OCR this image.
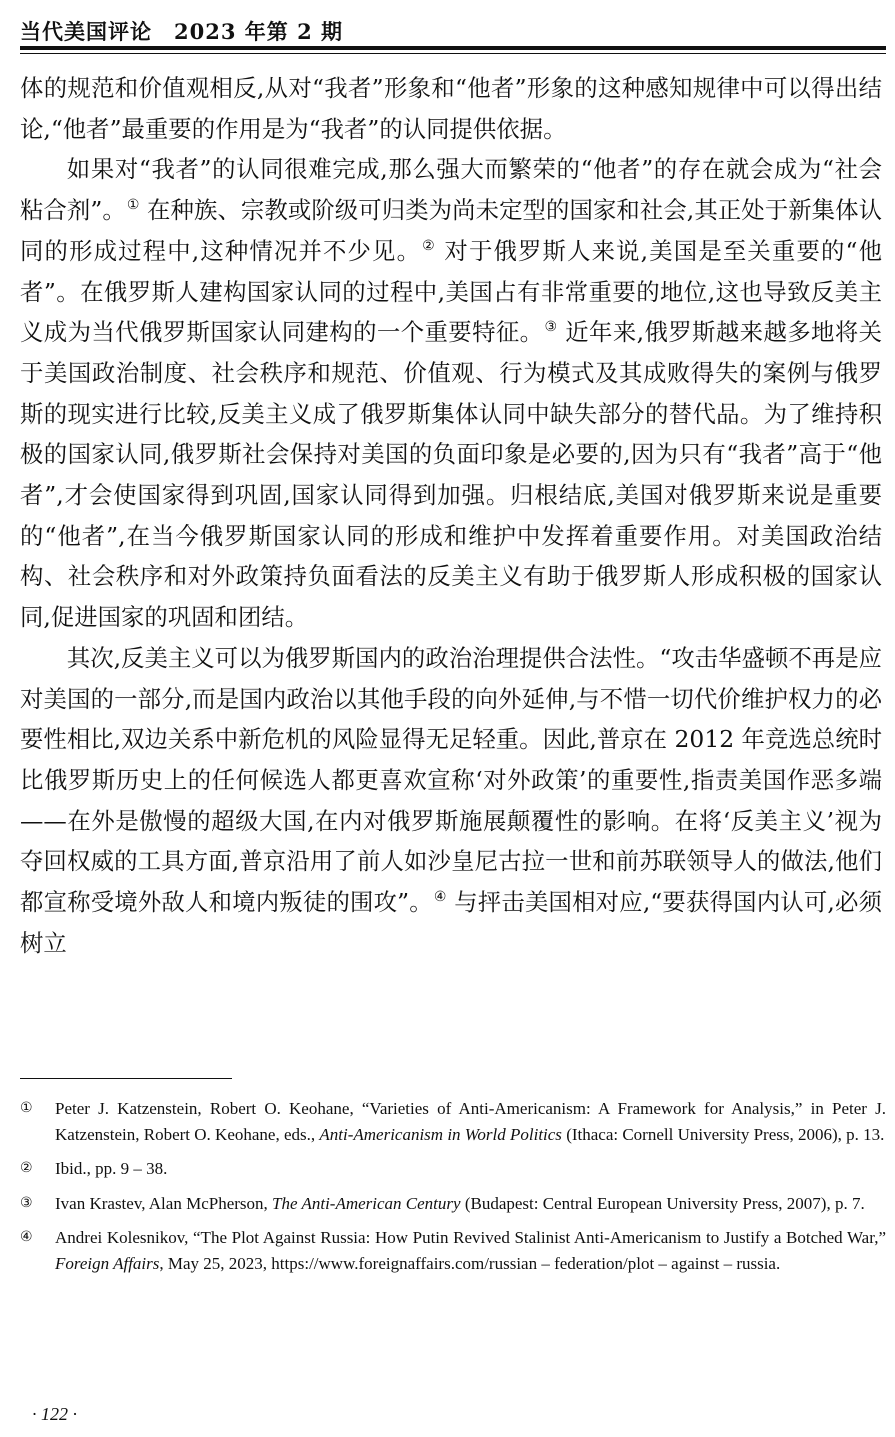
当代美国评论　2023 年第 2 期

体的规范和价值观相反,从对“我者”形象和“他者”形象的这种感知规律中可以得出结论,“他者”最重要的作用是为“我者”的认同提供依据。

如果对“我者”的认同很难完成,那么强大而繁荣的“他者”的存在就会成为“社会粘合剂”。① 在种族、宗教或阶级可归类为尚未定型的国家和社会,其正处于新集体认同的形成过程中,这种情况并不少见。② 对于俄罗斯人来说,美国是至关重要的“他者”。在俄罗斯人建构国家认同的过程中,美国占有非常重要的地位,这也导致反美主义成为当代俄罗斯国家认同建构的一个重要特征。③ 近年来,俄罗斯越来越多地将关于美国政治制度、社会秩序和规范、价值观、行为模式及其成败得失的案例与俄罗斯的现实进行比较,反美主义成了俄罗斯集体认同中缺失部分的替代品。为了维持积极的国家认同,俄罗斯社会保持对美国的负面印象是必要的,因为只有“我者”高于“他者”,才会使国家得到巩固,国家认同得到加强。归根结底,美国对俄罗斯来说是重要的“他者”,在当今俄罗斯国家认同的形成和维护中发挥着重要作用。对美国政治结构、社会秩序和对外政策持负面看法的反美主义有助于俄罗斯人形成积极的国家认同,促进国家的巩固和团结。

其次,反美主义可以为俄罗斯国内的政治治理提供合法性。“攻击华盛顿不再是应对美国的一部分,而是国内政治以其他手段的向外延伸,与不惜一切代价维护权力的必要性相比,双边关系中新危机的风险显得无足轻重。因此,普京在 2012 年竞选总统时比俄罗斯历史上的任何候选人都更喜欢宣称‘对外政策’的重要性,指责美国作恶多端——在外是傲慢的超级大国,在内对俄罗斯施展颠覆性的影响。在将‘反美主义’视为夺回权威的工具方面,普京沿用了前人如沙皇尼古拉一世和前苏联领导人的做法,他们都宣称受境外敌人和境内叛徒的围攻”。④ 与抨击美国相对应,“要获得国内认可,必须树立

① Peter J. Katzenstein, Robert O. Keohane, “Varieties of Anti-Americanism: A Framework for Analysis,” in Peter J. Katzenstein, Robert O. Keohane, eds., Anti-Americanism in World Politics (Ithaca: Cornell University Press, 2006), p. 13.
② Ibid., pp. 9 – 38.
③ Ivan Krastev, Alan McPherson, The Anti-American Century (Budapest: Central European University Press, 2007), p. 7.
④ Andrei Kolesnikov, “The Plot Against Russia: How Putin Revived Stalinist Anti-Americanism to Justify a Botched War,” Foreign Affairs, May 25, 2023, https://www.foreignaffairs.com/russian – federation/plot – against – russia.
· 122 ·
